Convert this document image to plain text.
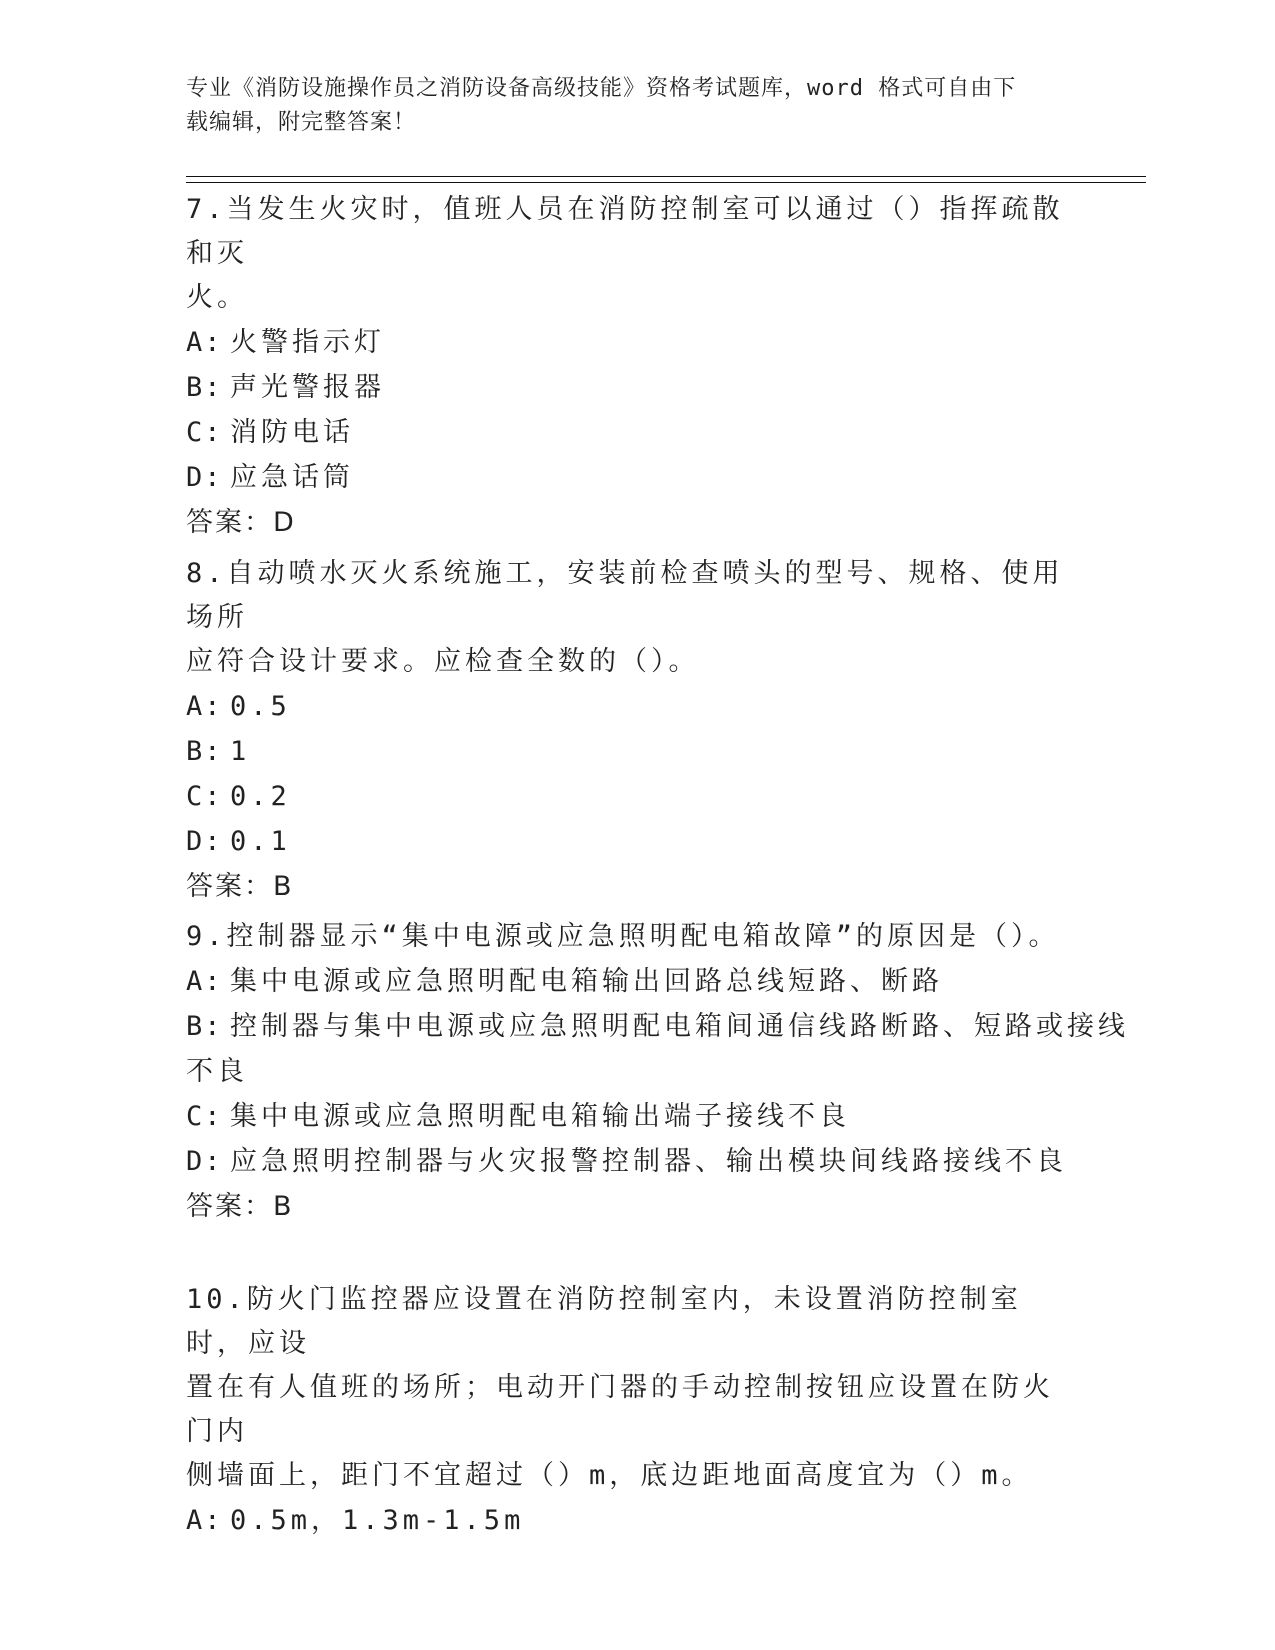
专业《消防设施操作员之消防设备高级技能》资格考试题库，word 格式可自由下
载编辑，附完整答案！

7.当发生火灾时，值班人员在消防控制室可以通过（）指挥疏散和灭

火。

A: 火警指示灯

B: 声光警报器

C: 消防电话

D: 应急话筒

答案：D

8.自动喷水灭火系统施工，安装前检查喷头的型号、规格、使用场所

应符合设计要求。应检查全数的（）。

A: 0.5

B: 1

C: 0.2

D: 0.1

答案：B

9.控制器显示“集中电源或应急照明配电箱故障”的原因是（）。

A: 集中电源或应急照明配电箱输出回路总线短路、断路

B: 控制器与集中电源或应急照明配电箱间通信线路断路、短路或接线

不良

C: 集中电源或应急照明配电箱输出端子接线不良

D: 应急照明控制器与火灾报警控制器、输出模块间线路接线不良

答案：B

10.防火门监控器应设置在消防控制室内，未设置消防控制室时，应设

置在有人值班的场所；电动开门器的手动控制按钮应设置在防火门内

侧墙面上，距门不宜超过（）m，底边距地面高度宜为（）m。

A: 0.5m，1.3m-1.5m
